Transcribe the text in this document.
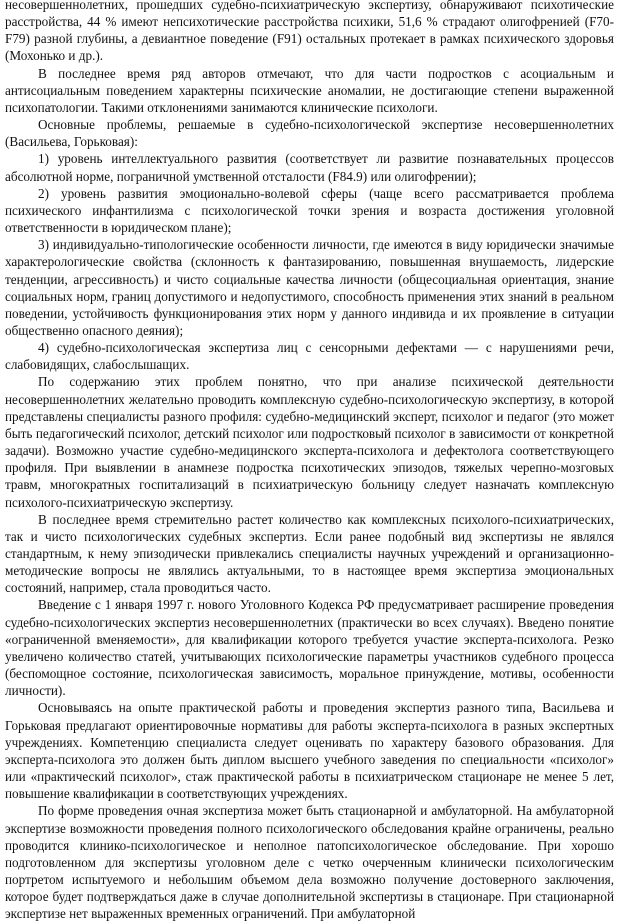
несовершеннолетних, прошедших судебно-психиатрическую экспертизу, обнаруживают психотические расстройства, 44 % имеют непсихотические расстройства психики, 51,6 % страдают олигофренией (F70-F79) разной глубины, а девиантное поведение (F91) остальных протекает в рамках психического здоровья (Мохонько и др.).

В последнее время ряд авторов отмечают, что для части подростков с асоциальным и антисоциальным поведением характерны психические аномалии, не достигающие степени выраженной психопатологии. Такими отклонениями занимаются клинические психологи.

Основные проблемы, решаемые в судебно-психологической экспертизе несовершеннолетних (Васильева, Горьковая):

1) уровень интеллектуального развития (соответствует ли развитие познавательных процессов абсолютной норме, пограничной умственной отсталости (F84.9) или олигофрении);

2) уровень развития эмоционально-волевой сферы (чаще всего рассматривается проблема психического инфантилизма с психологической точки зрения и возраста достижения уголовной ответственности в юридическом плане);

3) индивидуально-типологические особенности личности, где имеются в виду юридически значимые характерологические свойства (склонность к фантазированию, повышенная внушаемость, лидерские тенденции, агрессивность) и чисто социальные качества личности (общесоциальная ориентация, знание социальных норм, границ допустимого и недопустимого, способность применения этих знаний в реальном поведении, устойчивость функционирования этих норм у данного индивида и их проявление в ситуации общественно опасного деяния);

4) судебно-психологическая экспертиза лиц с сенсорными дефектами — с нарушениями речи, слабовидящих, слабослышащих.

По содержанию этих проблем понятно, что при анализе психической деятельности несовершеннолетних желательно проводить комплексную судебно-психологическую экспертизу, в которой представлены специалисты разного профиля: судебно-медицинский эксперт, психолог и педагог (это может быть педагогический психолог, детский психолог или подростковый психолог в зависимости от конкретной задачи). Возможно участие судебно-медицинского эксперта-психолога и дефектолога соответствующего профиля. При выявлении в анамнезе подростка психотических эпизодов, тяжелых черепно-мозговых травм, многократных госпитализаций в психиатрическую больницу следует назначать комплексную психолого-психиатрическую экспертизу.

В последнее время стремительно растет количество как комплексных психолого-психиатрических, так и чисто психологических судебных экспертиз. Если ранее подобный вид экспертизы не являлся стандартным, к нему эпизодически привлекались специалисты научных учреждений и организационно-методические вопросы не являлись актуальными, то в настоящее время экспертиза эмоциональных состояний, например, стала проводиться часто.

Введение с 1 января 1997 г. нового Уголовного Кодекса РФ предусматривает расширение проведения судебно-психологических экспертиз несовершеннолетних (практически во всех случаях). Введено понятие «ограниченной вменяемости», для квалификации которого требуется участие эксперта-психолога. Резко увеличено количество статей, учитывающих психологические параметры участников судебного процесса (беспомощное состояние, психологическая зависимость, моральное принуждение, мотивы, особенности личности).

Основываясь на опыте практической работы и проведения экспертиз разного типа, Васильева и Горьковая предлагают ориентировочные нормативы для работы эксперта-психолога в разных экспертных учреждениях. Компетенцию специалиста следует оценивать по характеру базового образования. Для эксперта-психолога это должен быть диплом высшего учебного заведения по специальности «психолог» или «практический психолог», стаж практической работы в психиатрическом стационаре не менее 5 лет, повышение квалификации в соответствующих учреждениях.

По форме проведения очная экспертиза может быть стационарной и амбулаторной. На амбулаторной экспертизе возможности проведения полного психологического обследования крайне ограничены, реально проводится клинико-психологическое и неполное патопсихологическое обследование. При хорошо подготовленном для экспертизы уголовном деле с четко очерченным клинически психологическим портретом испытуемого и небольшим объемом дела возможно получение достоверного заключения, которое будет подтверждаться даже в случае дополнительной экспертизы в стационаре. При стационарной экспертизе нет выраженных временных ограничений. При амбулаторной
